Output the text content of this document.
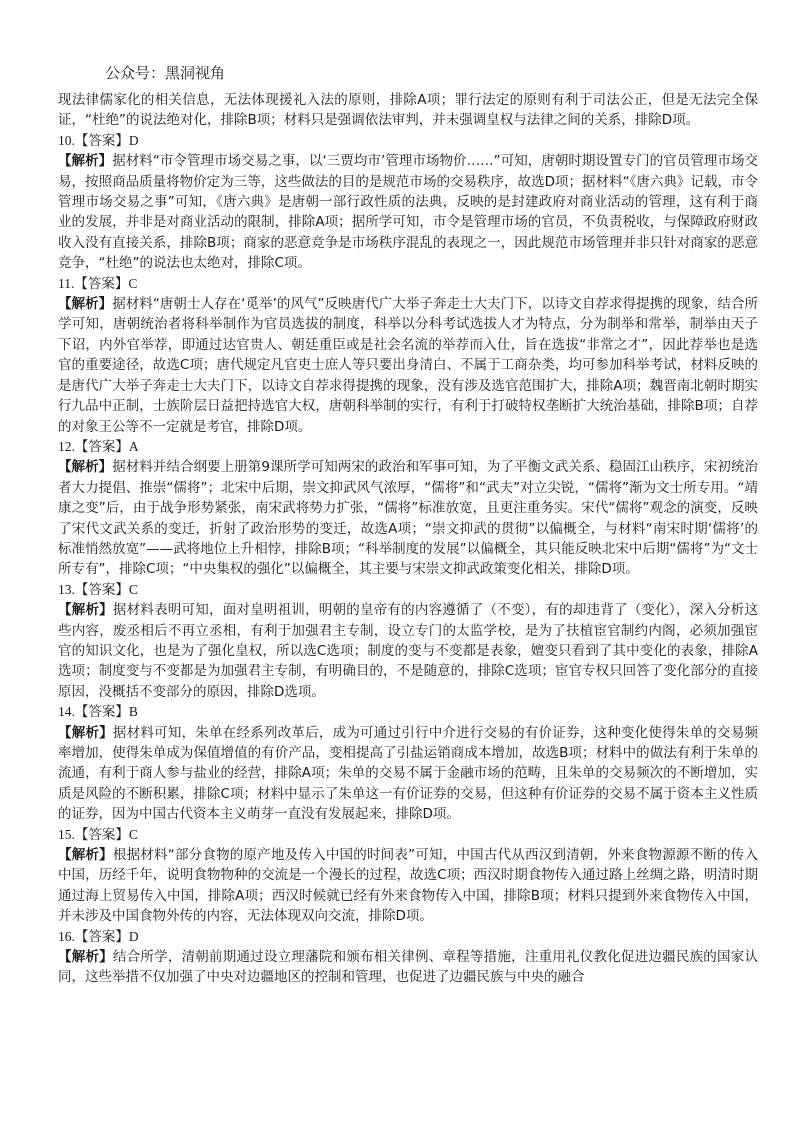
公众号：黑洞视角

现法律儒家化的相关信息，无法体现援礼入法的原则，排除A项；罪行法定的原则有利于司法公正，但是无法完全保证，“杜绝”的说法绝对化，排除B项；材料只是强调依法审判，并未强调皇权与法律之间的关系，排除D项。

10.【答案】D

【解析】据材料“市令管理市场交易之事，以‘三贾均市’管理市场物价……”可知，唐朝时期设置专门的官员管理市场交易，按照商品质量将物价定为三等，这些做法的目的是规范市场的交易秩序，故选D项；据材料“《唐六典》记载，市令管理市场交易之事”可知，《唐六典》是唐朝一部行政性质的法典，反映的是封建政府对商业活动的管理，这有利于商业的发展，并非是对商业活动的限制，排除A项；据所学可知，市令是管理市场的官员，不负责税收，与保障政府财政收入没有直接关系，排除B项；商家的恶意竞争是市场秩序混乱的表现之一，因此规范市场管理并非只针对商家的恶意竞争，“杜绝”的说法也太绝对，排除C项。

11.【答案】C

【解析】据材料“唐朝士人存在‘觅举’的风气”反映唐代广大举子奔走士大夫门下，以诗文自荐求得提携的现象，结合所学可知，唐朝统治者将科举制作为官员选拔的制度，科举以分科考试选拔人才为特点，分为制举和常举，制举由天子下诏，内外官举荐，即通过达官贵人、朝廷重臣或是社会名流的举荐而入仕，旨在选拔“非常之才”，因此荐举也是选官的重要途径，故选C项；唐代规定凡官吏士庶人等只要出身清白、不属于工商杂类，均可参加科举考试，材料反映的是唐代广大举子奔走士大夫门下，以诗文自荐求得提携的现象，没有涉及选官范围扩大，排除A项；魏晋南北朝时期实行九品中正制，士族阶层日益把持选官大权，唐朝科举制的实行，有利于打破特权垄断扩大统治基础，排除B项；自荐的对象王公等不一定就是考官，排除D项。

12.【答案】A

【解析】据材料并结合纲要上册第9课所学可知两宋的政治和军事可知，为了平衡文武关系、稳固江山秩序，宋初统治者大力提倡、推崇“儒将”；北宋中后期，崇文抑武风气浓厚，“儒将”和“武夫”对立尖锐，“儒将”渐为文士所专用。“靖康之变”后，由于战争形势紧张，南宋武将势力扩张，“儒将”标准放宽，且更注重务实。宋代“儒将”观念的演变，反映了宋代文武关系的变迁，折射了政治形势的变迁，故选A项；“崇文抑武的贯彻”以偏概全，与材料“南宋时期‘儒将’的标准悄然放宽”——武将地位上升相悖，排除B项；“科举制度的发展”以偏概全，其只能反映北宋中后期“儒将”为“文士所专有”，排除C项；“中央集权的强化”以偏概全，其主要与宋崇文抑武政策变化相关，排除D项。

13.【答案】C

【解析】据材料表明可知，面对皇明祖训，明朝的皇帝有的内容遵循了（不变），有的却违背了（变化），深入分析这些内容，废丞相后不再立丞相，有利于加强君主专制，设立专门的太监学校，是为了扶植宦官制约内阁，必须加强宦官的知识文化，也是为了强化皇权，所以选C选项；制度的变与不变都是表象，嬗变只看到了其中变化的表象，排除A选项；制度变与不变都是为加强君主专制，有明确目的，不是随意的，排除C选项；宦官专权只回答了变化部分的直接原因，没概括不变部分的原因，排除D选项。

14.【答案】B

【解析】据材料可知，朱单在经系列改革后，成为可通过引行中介进行交易的有价证券，这种变化使得朱单的交易频率增加，使得朱单成为保值增值的有价产品，变相提高了引盐运销商成本增加，故选B项；材料中的做法有利于朱单的流通，有利于商人参与盐业的经营，排除A项；朱单的交易不属于金融市场的范畴，且朱单的交易频次的不断增加，实质是风险的不断积累，排除C项；材料中显示了朱单这一有价证券的交易，但这种有价证券的交易不属于资本主义性质的证券，因为中国古代资本主义萌芽一直没有发展起来，排除D项。

15.【答案】C

【解析】根据材料“部分食物的原产地及传入中国的时间表”可知，中国古代从西汉到清朝，外来食物源源不断的传入中国，历经千年，说明食物物种的交流是一个漫长的过程，故选C项；西汉时期食物传入通过路上丝绸之路，明清时期通过海上贸易传入中国，排除A项；西汉时候就已经有外来食物传入中国，排除B项；材料只提到外来食物传入中国，并未涉及中国食物外传的内容，无法体现双向交流，排除D项。

16.【答案】D

【解析】结合所学，清朝前期通过设立理藩院和颁布相关律例、章程等措施，注重用礼仪教化促进边疆民族的国家认同，这些举措不仅加强了中央对边疆地区的控制和管理，也促进了边疆民族与中央的融合
